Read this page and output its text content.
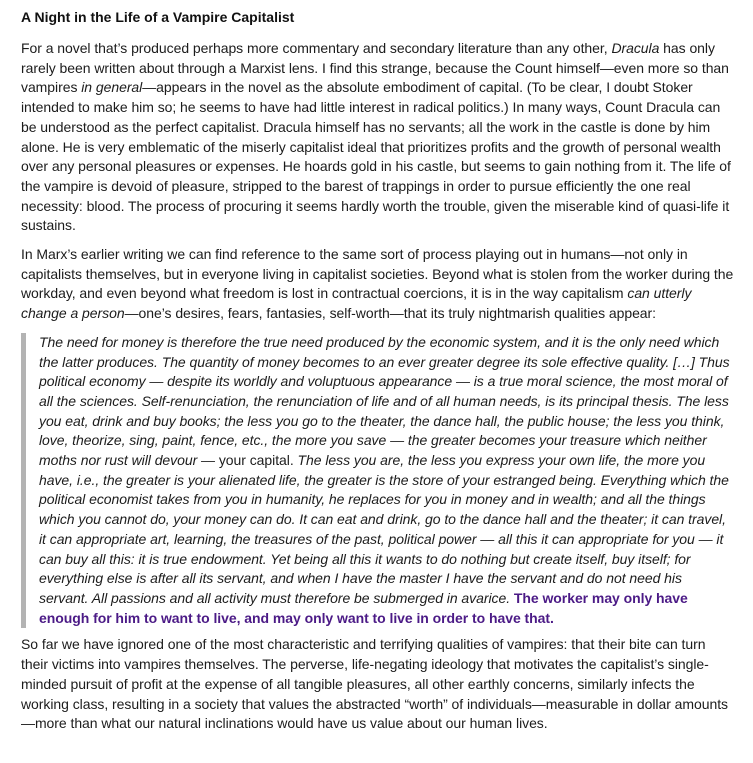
A Night in the Life of a Vampire Capitalist

For a novel that’s produced perhaps more commentary and secondary literature than any other, Dracula has only rarely been written about through a Marxist lens. I find this strange, because the Count himself—even more so than vampires in general—appears in the novel as the absolute embodiment of capital. (To be clear, I doubt Stoker intended to make him so; he seems to have had little interest in radical politics.) In many ways, Count Dracula can be understood as the perfect capitalist. Dracula himself has no servants; all the work in the castle is done by him alone. He is very emblematic of the miserly capitalist ideal that prioritizes profits and the growth of personal wealth over any personal pleasures or expenses. He hoards gold in his castle, but seems to gain nothing from it. The life of the vampire is devoid of pleasure, stripped to the barest of trappings in order to pursue efficiently the one real necessity: blood. The process of procuring it seems hardly worth the trouble, given the miserable kind of quasi-life it sustains.

In Marx’s earlier writing we can find reference to the same sort of process playing out in humans—not only in capitalists themselves, but in everyone living in capitalist societies. Beyond what is stolen from the worker during the workday, and even beyond what freedom is lost in contractual coercions, it is in the way capitalism can utterly change a person—one’s desires, fears, fantasies, self-worth—that its truly nightmarish qualities appear:

The need for money is therefore the true need produced by the economic system, and it is the only need which the latter produces. The quantity of money becomes to an ever greater degree its sole effective quality. […] Thus political economy — despite its worldly and voluptuous appearance — is a true moral science, the most moral of all the sciences. Self-renunciation, the renunciation of life and of all human needs, is its principal thesis. The less you eat, drink and buy books; the less you go to the theater, the dance hall, the public house; the less you think, love, theorize, sing, paint, fence, etc., the more you save — the greater becomes your treasure which neither moths nor rust will devour — your capital. The less you are, the less you express your own life, the more you have, i.e., the greater is your alienated life, the greater is the store of your estranged being. Everything which the political economist takes from you in humanity, he replaces for you in money and in wealth; and all the things which you cannot do, your money can do. It can eat and drink, go to the dance hall and the theater; it can travel, it can appropriate art, learning, the treasures of the past, political power — all this it can appropriate for you — it can buy all this: it is true endowment. Yet being all this it wants to do nothing but create itself, buy itself; for everything else is after all its servant, and when I have the master I have the servant and do not need his servant. All passions and all activity must therefore be submerged in avarice. The worker may only have enough for him to want to live, and may only want to live in order to have that.

So far we have ignored one of the most characteristic and terrifying qualities of vampires: that their bite can turn their victims into vampires themselves. The perverse, life-negating ideology that motivates the capitalist’s single-minded pursuit of profit at the expense of all tangible pleasures, all other earthly concerns, similarly infects the working class, resulting in a society that values the abstracted “worth” of individuals—measurable in dollar amounts—more than what our natural inclinations would have us value about our human lives.
